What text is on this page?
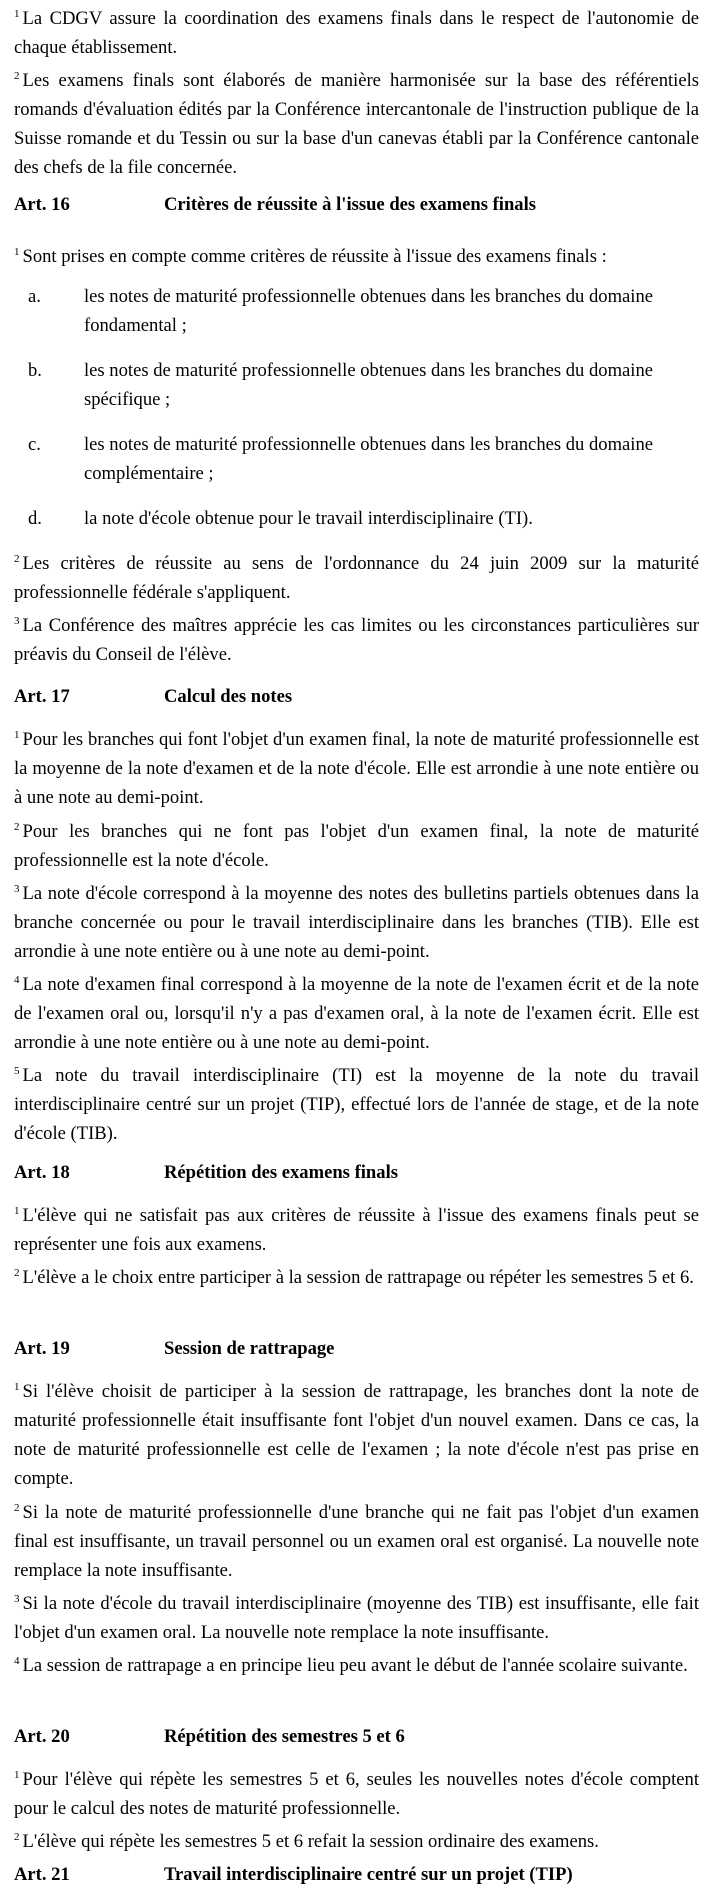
$^1$ La CDGV assure la coordination des examens finals dans le respect de l'autonomie de chaque établissement.

$^2$ Les examens finals sont élaborés de manière harmonisée sur la base des référentiels romands d'évaluation édités par la Conférence intercantonale de l'instruction publique de la Suisse romande et du Tessin ou sur la base d'un canevas établi par la Conférence cantonale des chefs de la file concernée.

Art. 16	Critères de réussite à l'issue des examens finals

$^1$ Sont prises en compte comme critères de réussite à l'issue des examens finals :

a.	les notes de maturité professionnelle obtenues dans les branches du domaine fondamental ;
b.	les notes de maturité professionnelle obtenues dans les branches du domaine spécifique ;
c.	les notes de maturité professionnelle obtenues dans les branches du domaine complémentaire ;
d.	la note d'école obtenue pour le travail interdisciplinaire (TI).

$^2$ Les critères de réussite au sens de l'ordonnance du 24 juin 2009 sur la maturité professionnelle fédérale s'appliquent.

$^3$ La Conférence des maîtres apprécie les cas limites ou les circonstances particulières sur préavis du Conseil de l'élève.

Art. 17	Calcul des notes

$^1$ Pour les branches qui font l'objet d'un examen final, la note de maturité professionnelle est la moyenne de la note d'examen et de la note d'école. Elle est arrondie à une note entière ou à une note au demi-point.

$^2$ Pour les branches qui ne font pas l'objet d'un examen final, la note de maturité professionnelle est la note d'école.

$^3$ La note d'école correspond à la moyenne des notes des bulletins partiels obtenues dans la branche concernée ou pour le travail interdisciplinaire dans les branches (TIB). Elle est arrondie à une note entière ou à une note au demi-point.

$^4$ La note d'examen final correspond à la moyenne de la note de l'examen écrit et de la note de l'examen oral ou, lorsqu'il n'y a pas d'examen oral, à la note de l'examen écrit. Elle est arrondie à une note entière ou à une note au demi-point.

$^5$ La note du travail interdisciplinaire (TI) est la moyenne de la note du travail interdisciplinaire centré sur un projet (TIP), effectué lors de l'année de stage, et de la note d'école (TIB).

Art. 18	Répétition des examens finals

$^1$ L'élève qui ne satisfait pas aux critères de réussite à l'issue des examens finals peut se représenter une fois aux examens.

$^2$ L'élève a le choix entre participer à la session de rattrapage ou répéter les semestres 5 et 6.

Art. 19	Session de rattrapage

$^1$ Si l'élève choisit de participer à la session de rattrapage, les branches dont la note de maturité professionnelle était insuffisante font l'objet d'un nouvel examen. Dans ce cas, la note de maturité professionnelle est celle de l'examen ; la note d'école n'est pas prise en compte.

$^2$ Si la note de maturité professionnelle d'une branche qui ne fait pas l'objet d'un examen final est insuffisante, un travail personnel ou un examen oral est organisé. La nouvelle note remplace la note insuffisante.

$^3$ Si la note d'école du travail interdisciplinaire (moyenne des TIB) est insuffisante, elle fait l'objet d'un examen oral. La nouvelle note remplace la note insuffisante.

$^4$ La session de rattrapage a en principe lieu peu avant le début de l'année scolaire suivante.

Art. 20	Répétition des semestres 5 et 6

$^1$ Pour l'élève qui répète les semestres 5 et 6, seules les nouvelles notes d'école comptent pour le calcul des notes de maturité professionnelle.

$^2$ L'élève qui répète les semestres 5 et 6 refait la session ordinaire des examens.

Art. 21	Travail interdisciplinaire centré sur un projet (TIP)
